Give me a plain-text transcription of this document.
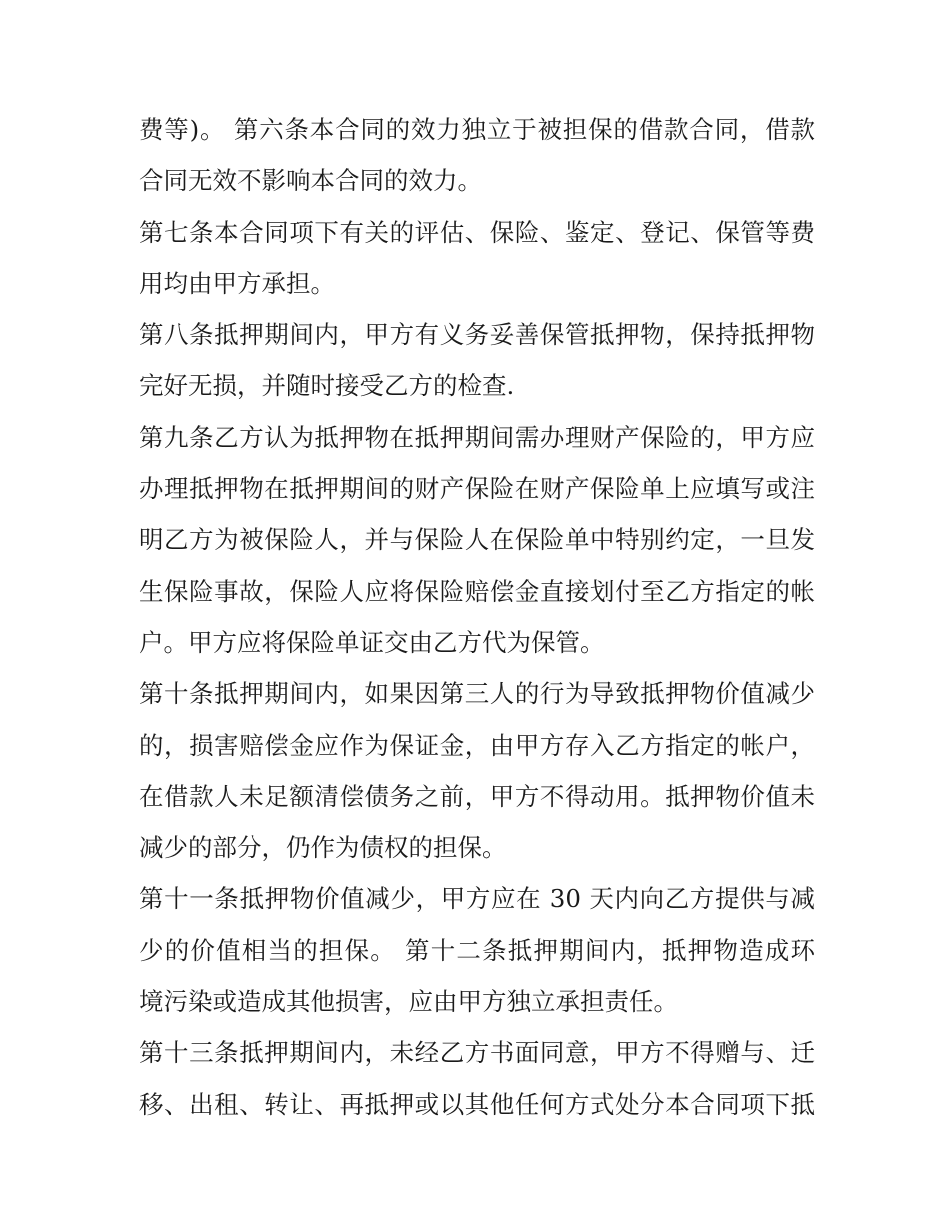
费等)。 第六条本合同的效力独立于被担保的借款合同，借款
合同无效不影响本合同的效力。
第七条本合同项下有关的评估、保险、鉴定、登记、保管等费
用均由甲方承担。
第八条抵押期间内，甲方有义务妥善保管抵押物，保持抵押物
完好无损，并随时接受乙方的检查.
第九条乙方认为抵押物在抵押期间需办理财产保险的，甲方应
办理抵押物在抵押期间的财产保险在财产保险单上应填写或注
明乙方为被保险人，并与保险人在保险单中特别约定，一旦发
生保险事故，保险人应将保险赔偿金直接划付至乙方指定的帐
户。甲方应将保险单证交由乙方代为保管。
第十条抵押期间内，如果因第三人的行为导致抵押物价值减少
的，损害赔偿金应作为保证金，由甲方存入乙方指定的帐户，
在借款人未足额清偿债务之前，甲方不得动用。抵押物价值未
减少的部分，仍作为债权的担保。
第十一条抵押物价值减少，甲方应在 30 天内向乙方提供与减
少的价值相当的担保。 第十二条抵押期间内，抵押物造成环
境污染或造成其他损害，应由甲方独立承担责任。
第十三条抵押期间内，未经乙方书面同意，甲方不得赠与、迁
移、出租、转让、再抵押或以其他任何方式处分本合同项下抵
